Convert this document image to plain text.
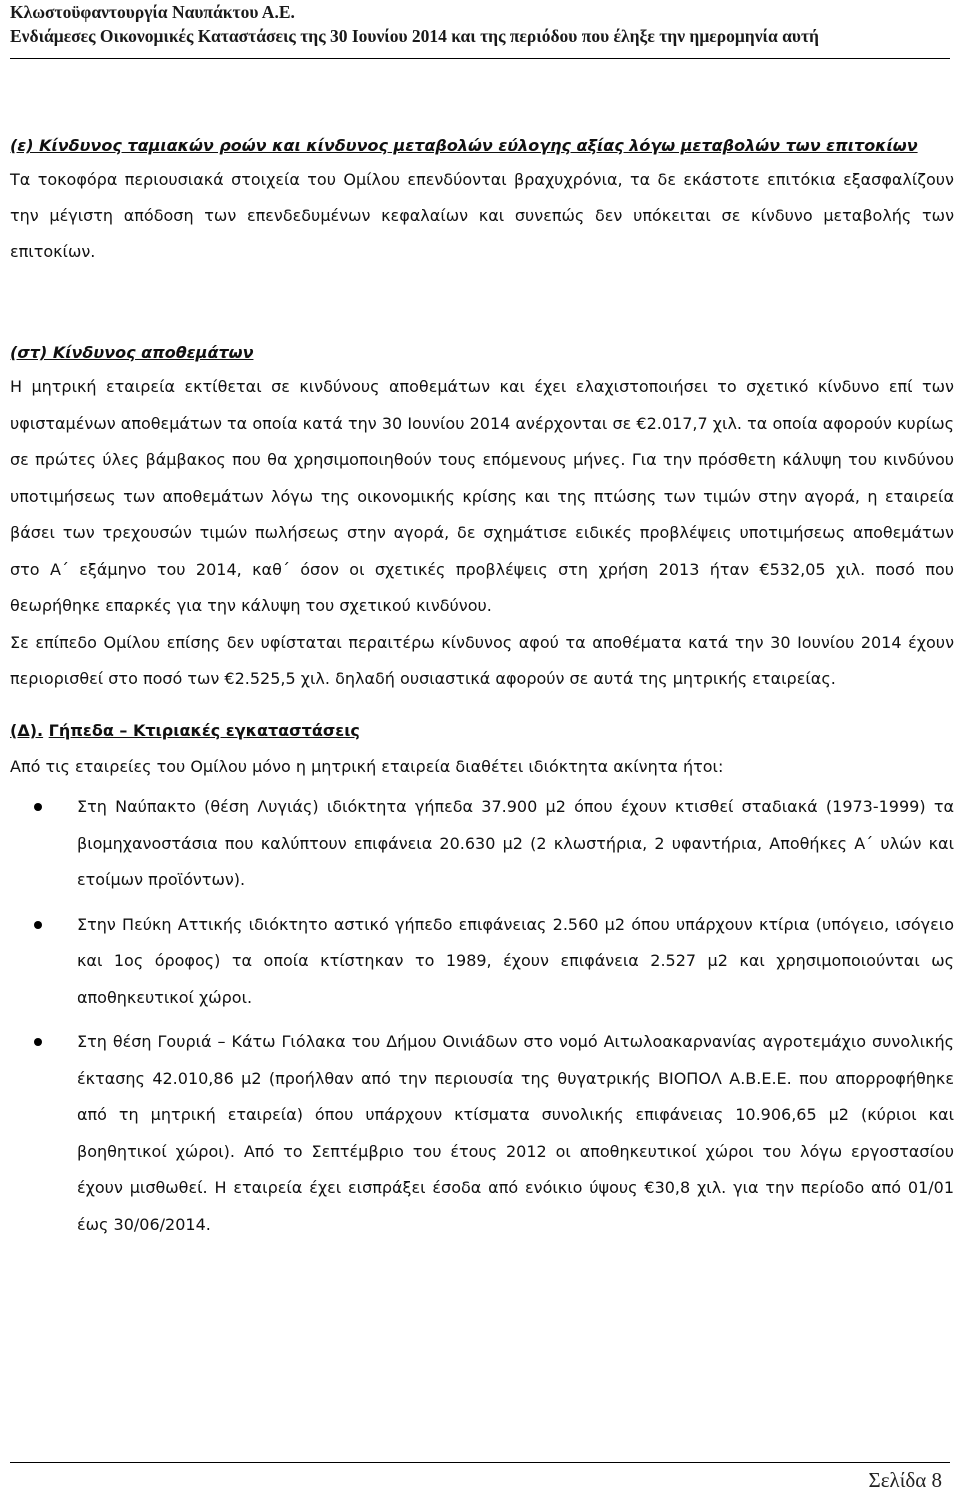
Κλωστοϋφαντουργία Ναυπάκτου Α.Ε.
Ενδιάμεσες Οικονομικές Καταστάσεις της 30 Ιουνίου 2014 και της περιόδου που έληξε την ημερομηνία αυτή

(ε) Κίνδυνος ταμιακών ροών και κίνδυνος μεταβολών εύλογης αξίας λόγω μεταβολών των επιτοκίων

Τα τοκοφόρα περιουσιακά στοιχεία του Ομίλου επενδύονται βραχυχρόνια, τα δε εκάστοτε επιτόκια εξασφαλίζουν την μέγιστη απόδοση των επενδεδυμένων κεφαλαίων και συνεπώς δεν υπόκειται σε κίνδυνο μεταβολής των επιτοκίων.

(στ) Κίνδυνος αποθεμάτων

Η μητρική εταιρεία εκτίθεται σε κινδύνους αποθεμάτων και έχει ελαχιστοποιήσει το σχετικό κίνδυνο επί των υφισταμένων αποθεμάτων τα οποία κατά την 30 Ιουνίου 2014 ανέρχονται σε €2.017,7 χιλ. τα οποία αφορούν κυρίως σε πρώτες ύλες βάμβακος που θα χρησιμοποιηθούν τους επόμενους μήνες. Για την πρόσθετη κάλυψη του κινδύνου υποτιμήσεως των αποθεμάτων λόγω της οικονομικής κρίσης και της πτώσης των τιμών στην αγορά, η εταιρεία βάσει των τρεχουσών τιμών πωλήσεως στην αγορά, δε σχημάτισε ειδικές προβλέψεις υποτιμήσεως αποθεμάτων στο Α΄ εξάμηνο του 2014, καθ΄ όσον οι σχετικές προβλέψεις στη χρήση 2013 ήταν €532,05 χιλ. ποσό που θεωρήθηκε επαρκές για την κάλυψη του σχετικού κινδύνου.

Σε επίπεδο Ομίλου επίσης δεν υφίσταται περαιτέρω κίνδυνος αφού τα αποθέματα κατά την 30 Ιουνίου 2014 έχουν περιορισθεί στο ποσό των €2.525,5 χιλ. δηλαδή ουσιαστικά αφορούν σε αυτά της μητρικής εταιρείας.

(Δ). Γήπεδα – Κτιριακές εγκαταστάσεις

Από τις εταιρείες του Ομίλου μόνο η μητρική εταιρεία διαθέτει ιδιόκτητα ακίνητα ήτοι:

Στη Ναύπακτο (θέση Λυγιάς) ιδιόκτητα γήπεδα 37.900 μ2 όπου έχουν κτισθεί σταδιακά (1973-1999) τα βιομηχανοστάσια που καλύπτουν επιφάνεια 20.630 μ2 (2 κλωστήρια, 2 υφαντήρια, Αποθήκες Α΄ υλών και ετοίμων προϊόντων).
Στην Πεύκη Αττικής ιδιόκτητο αστικό γήπεδο επιφάνειας 2.560 μ2 όπου υπάρχουν κτίρια (υπόγειο, ισόγειο και 1ος όροφος) τα οποία κτίστηκαν το 1989, έχουν επιφάνεια 2.527 μ2 και χρησιμοποιούνται ως αποθηκευτικοί χώροι.
Στη θέση Γουριά – Κάτω Γιόλακα του Δήμου Οινιάδων στο νομό Αιτωλοακαρνανίας αγροτεμάχιο συνολικής έκτασης 42.010,86 μ2 (προήλθαν από την περιουσία της θυγατρικής ΒΙΟΠΟΛ Α.Β.Ε.Ε. που απορροφήθηκε από τη μητρική εταιρεία) όπου υπάρχουν κτίσματα συνολικής επιφάνειας 10.906,65 μ2 (κύριοι και βοηθητικοί χώροι). Από το Σεπτέμβριο του έτους 2012 οι αποθηκευτικοί χώροι του λόγω εργοστασίου έχουν μισθωθεί. Η εταιρεία έχει εισπράξει έσοδα από ενόικιο ύψους €30,8 χιλ. για την περίοδο από 01/01 έως 30/06/2014.
Σελίδα 8
